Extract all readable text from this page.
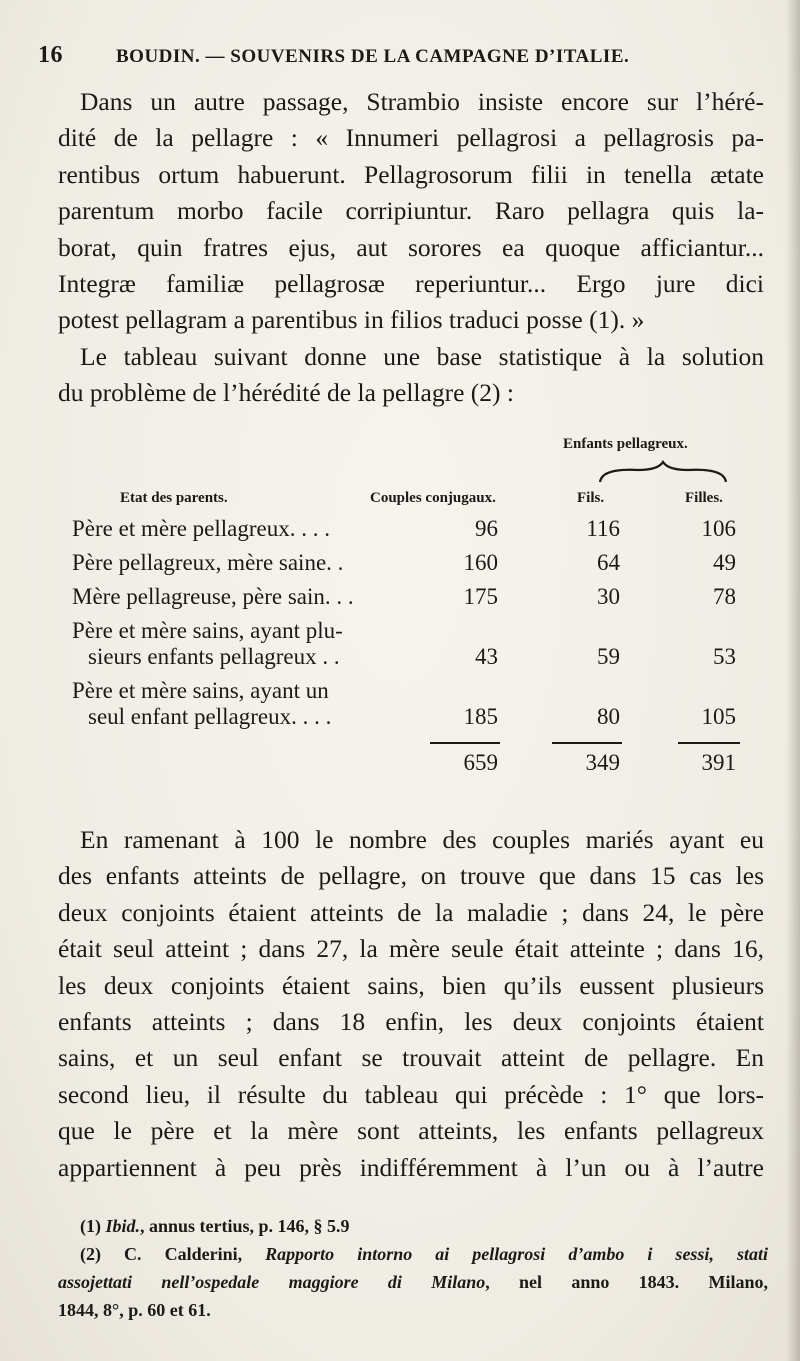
16	BOUDIN. — SOUVENIRS DE LA CAMPAGNE D’ITALIE.
Dans un autre passage, Strambio insiste encore sur l’héré-
dité de la pellagre : « Innumeri pellagrosi a pellagrosis pa-
rentibus ortum habuerunt. Pellagrosorum filii in tenella ætate
parentum morbo facile corripiuntur. Raro pellagra quis la-
borat, quin fratres ejus, aut sorores ea quoque afficiantur...
Integræ familiæ pellagrosæ reperiuntur... Ergo jure dici
potest pellagram a parentibus in filios traduci posse (1). »
Le tableau suivant donne une base statistique à la solution
du problème de l’hérédité de la pellagre (2) :
Enfants pellagreux.
Etat des parents.	Couples conjugaux.	Fils.	Filles.
Père et mère pellagreux. . . .	96	116	106
Père pellagreux, mère saine. .	160	64	49
Mère pellagreuse, père sain. . .	175	30	78
Père et mère sains, ayant plu-
sieurs enfants pellagreux . .	43	59	53
Père et mère sains, ayant un
seul enfant pellagreux. . . .	185	80	105
659	349	391
En ramenant à 100 le nombre des couples mariés ayant eu
des enfants atteints de pellagre, on trouve que dans 15 cas les
deux conjoints étaient atteints de la maladie ; dans 24, le père
était seul atteint ; dans 27, la mère seule était atteinte ; dans 16,
les deux conjoints étaient sains, bien qu’ils eussent plusieurs
enfants atteints ; dans 18 enfin, les deux conjoints étaient
sains, et un seul enfant se trouvait atteint de pellagre. En
second lieu, il résulte du tableau qui précède : 1° que lors-
que le père et la mère sont atteints, les enfants pellagreux
appartiennent à peu près indifféremment à l’un ou à l’autre
(1) Ibid., annus tertius, p. 146, § 5.9
(2) C. Calderini, Rapporto intorno ai pellagrosi d’ambo i sessi, stati
assojettati nell’ospedale maggiore di Milano, nel anno 1843. Milano,
1844, 8°, p. 60 et 61.
